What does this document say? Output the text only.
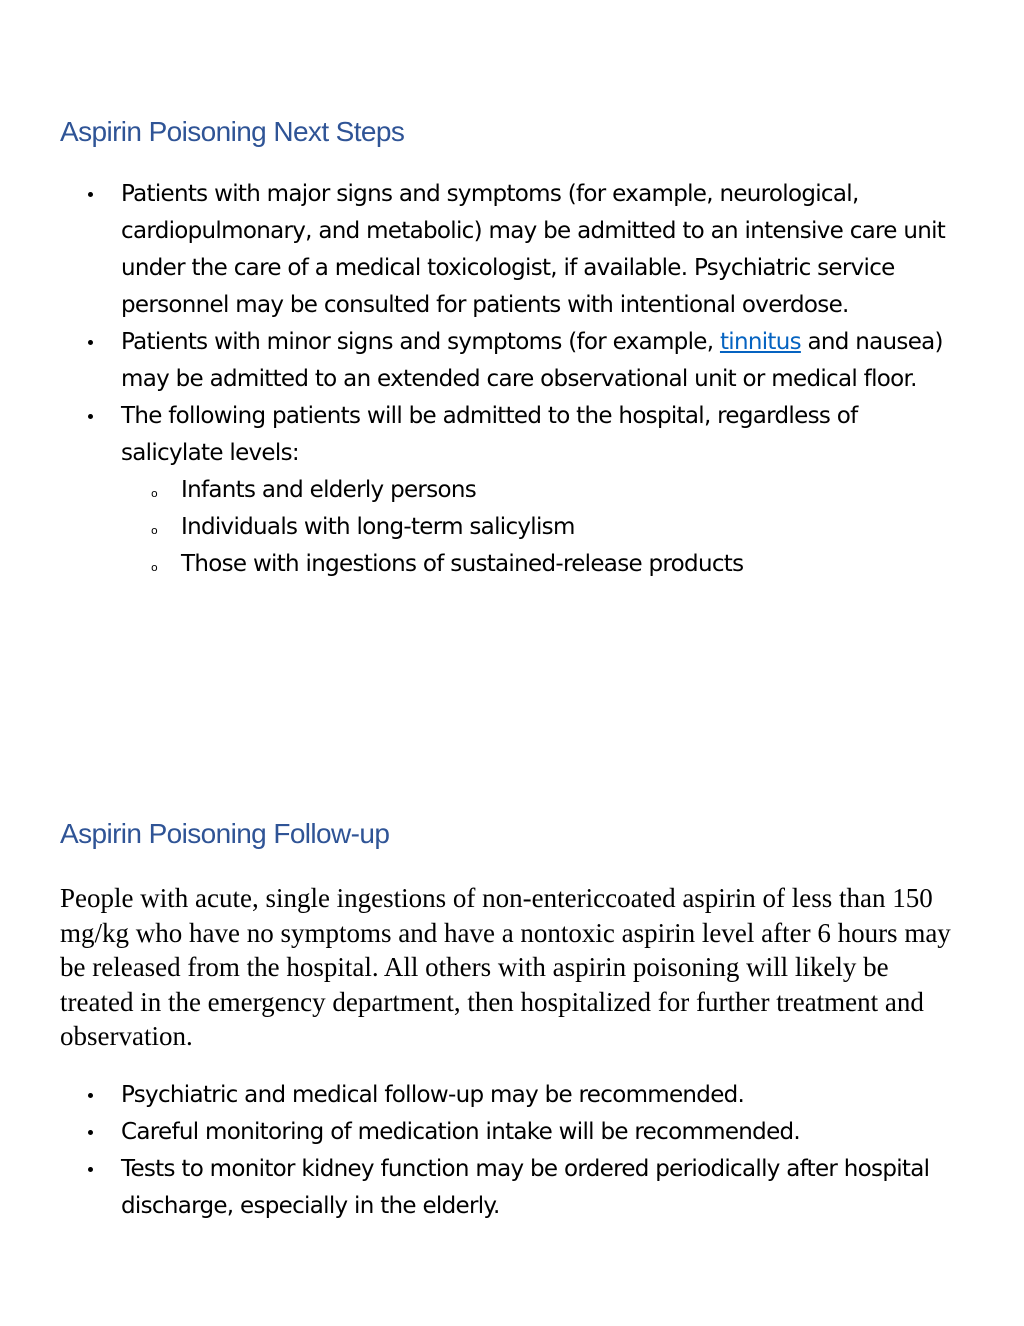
Aspirin Poisoning Next Steps
Patients with major signs and symptoms (for example, neurological, cardiopulmonary, and metabolic) may be admitted to an intensive care unit under the care of a medical toxicologist, if available. Psychiatric service personnel may be consulted for patients with intentional overdose.
Patients with minor signs and symptoms (for example, tinnitus and nausea) may be admitted to an extended care observational unit or medical floor.
The following patients will be admitted to the hospital, regardless of salicylate levels:
o Infants and elderly persons
o Individuals with long-term salicylism
o Those with ingestions of sustained-release products
Aspirin Poisoning Follow-up

People with acute, single ingestions of non-entericcoated aspirin of less than 150 mg/kg who have no symptoms and have a nontoxic aspirin level after 6 hours may be released from the hospital. All others with aspirin poisoning will likely be treated in the emergency department, then hospitalized for further treatment and observation.

Psychiatric and medical follow-up may be recommended.
Careful monitoring of medication intake will be recommended.
Tests to monitor kidney function may be ordered periodically after hospital discharge, especially in the elderly.
